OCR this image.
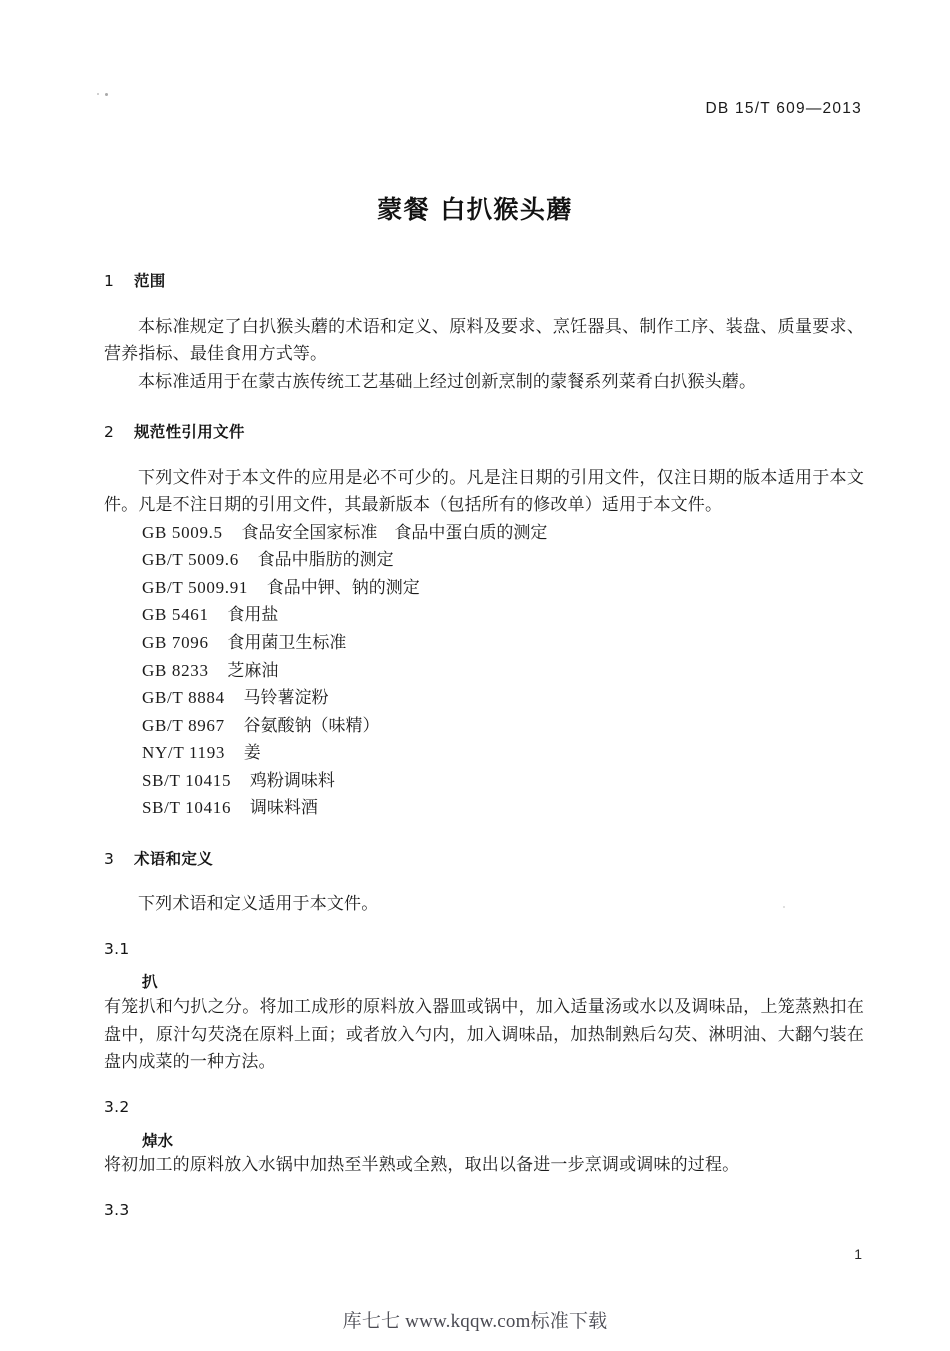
DB 15/T 609—2013
蒙餐 白扒猴头蘑
1 范围

本标准规定了白扒猴头蘑的术语和定义、原料及要求、烹饪器具、制作工序、装盘、质量要求、营养指标、最佳食用方式等。

本标准适用于在蒙古族传统工艺基础上经过创新烹制的蒙餐系列菜肴白扒猴头蘑。

2 规范性引用文件

下列文件对于本文件的应用是必不可少的。凡是注日期的引用文件，仅注日期的版本适用于本文件。凡是不注日期的引用文件，其最新版本（包括所有的修改单）适用于本文件。

GB 5009.5 食品安全国家标准　食品中蛋白质的测定
GB/T 5009.6 食品中脂肪的测定
GB/T 5009.91 食品中钾、钠的测定
GB 5461 食用盐
GB 7096 食用菌卫生标准
GB 8233 芝麻油
GB/T 8884 马铃薯淀粉
GB/T 8967 谷氨酸钠（味精）
NY/T 1193 姜
SB/T 10415 鸡粉调味料
SB/T 10416 调味料酒
3 术语和定义

下列术语和定义适用于本文件。

3.1
扒

有笼扒和勺扒之分。将加工成形的原料放入器皿或锅中，加入适量汤或水以及调味品，上笼蒸熟扣在盘中，原汁勾芡浇在原料上面；或者放入勺内，加入调味品，加热制熟后勾芡、淋明油、大翻勺装在盘内成菜的一种方法。

3.2
焯水

将初加工的原料放入水锅中加热至半熟或全熟，取出以备进一步烹调或调味的过程。

3.3
1
库七七 www.kqqw.com标准下载
